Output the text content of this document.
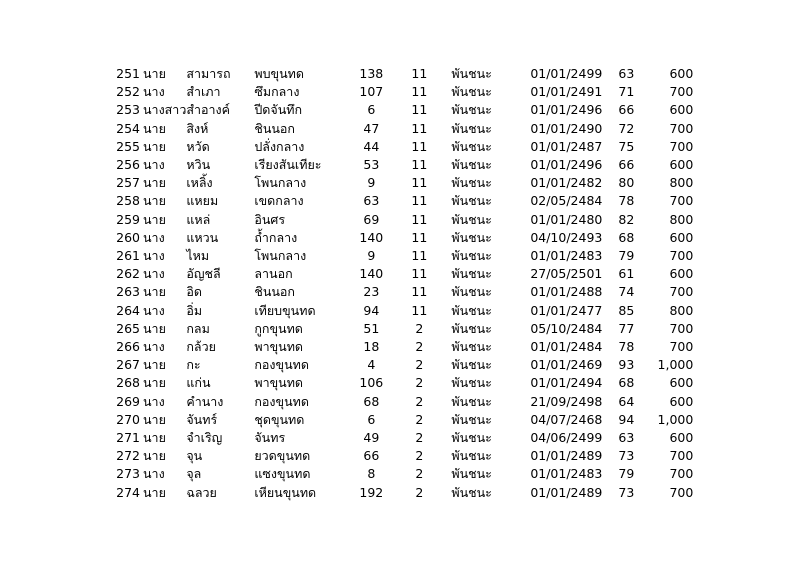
251	นาย	สามารถ	พบขุนทด	138	11	พันชนะ	01/01/2499	63	600
252	นาง	สำเภา	ซึมกลาง	107	11	พันชนะ	01/01/2491	71	700
253	นางสาว	สำอางค์	ปีดจันทึก	6	11	พันชนะ	01/01/2496	66	600
254	นาย	สิงห์	ชินนอก	47	11	พันชนะ	01/01/2490	72	700
255	นาย	หวัด	ปลั่งกลาง	44	11	พันชนะ	01/01/2487	75	700
256	นาง	หวิน	เรียงสันเทียะ	53	11	พันชนะ	01/01/2496	66	600
257	นาย	เหลิ้ง	โพนกลาง	9	11	พันชนะ	01/01/2482	80	800
258	นาย	แหยม	เขดกลาง	63	11	พันชนะ	02/05/2484	78	700
259	นาย	แหล่	อินศร	69	11	พันชนะ	01/01/2480	82	800
260	นาง	แหวน	ถ้ำกลาง	140	11	พันชนะ	04/10/2493	68	600
261	นาง	ไหม	โพนกลาง	9	11	พันชนะ	01/01/2483	79	700
262	นาง	อัญชลี	ลานอก	140	11	พันชนะ	27/05/2501	61	600
263	นาย	อิด	ชินนอก	23	11	พันชนะ	01/01/2488	74	700
264	นาง	อิ่ม	เทียบขุนทด	94	11	พันชนะ	01/01/2477	85	800
265	นาย	กลม	กูกขุนทด	51	2	พันชนะ	05/10/2484	77	700
266	นาง	กล้วย	พาขุนทด	18	2	พันชนะ	01/01/2484	78	700
267	นาย	กะ	กองขุนทด	4	2	พันชนะ	01/01/2469	93	1,000
268	นาย	แก่น	พาขุนทด	106	2	พันชนะ	01/01/2494	68	600
269	นาง	คำนาง	กองขุนทด	68	2	พันชนะ	21/09/2498	64	600
270	นาย	จันทร์	ชุดขุนทด	6	2	พันชนะ	04/07/2468	94	1,000
271	นาย	จำเริญ	จันทร	49	2	พันชนะ	04/06/2499	63	600
272	นาย	จุน	ยวดขุนทด	66	2	พันชนะ	01/01/2489	73	700
273	นาง	จุล	แซงขุนทด	8	2	พันชนะ	01/01/2483	79	700
274	นาย	ฉลวย	เหียนขุนทด	192	2	พันชนะ	01/01/2489	73	700
